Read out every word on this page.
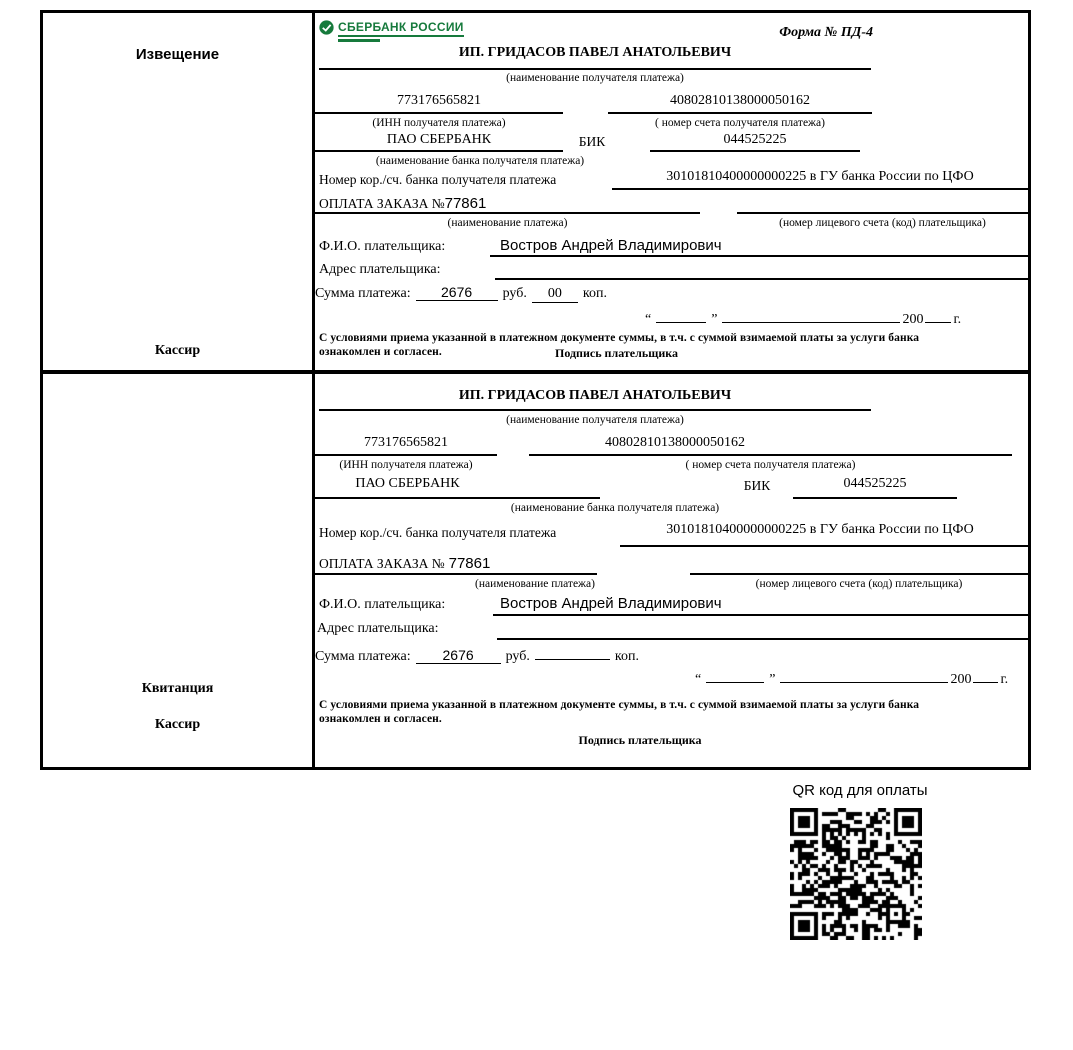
Извещение
Кассир
СБЕРБАНК РОССИИ	Форма № ПД-4
ИП. ГРИДАСОВ ПАВЕЛ АНАТОЛЬЕВИЧ
(наименование получателя платежа)
773176565821	40802810138000050162
(ИНН получателя платежа)	( номер счета получателя платежа)
ПАО СБЕРБАНК	БИК	044525225
(наименование банка получателя платежа)
Номер кор./сч. банка получателя платежа	30101810400000000225 в ГУ банка России по ЦФО
ОПЛАТА ЗАКАЗА №77861
(наименование платежа)	(номер лицевого счета (код) плательщика)
Ф.И.О. плательщика:	Востров Андрей Владимирович
Адрес плательщика:
Сумма платежа: 2676 руб. 00 коп.
“	”	200 г.
С условиями приема указанной в платежном документе суммы, в т.ч. с суммой взимаемой платы за услуги банка
ознакомлен и согласен.	Подпись плательщика
Квитанция
Кассир
ИП. ГРИДАСОВ ПАВЕЛ АНАТОЛЬЕВИЧ
(наименование получателя платежа)
773176565821	40802810138000050162
(ИНН получателя платежа)	( номер счета получателя платежа)
ПАО СБЕРБАНК	БИК	044525225
(наименование банка получателя платежа)
Номер кор./сч. банка получателя платежа	30101810400000000225 в ГУ банка России по ЦФО
ОПЛАТА ЗАКАЗА № 77861
(наименование платежа)	(номер лицевого счета (код) плательщика)
Ф.И.О. плательщика:	Востров Андрей Владимирович
Адрес плательщика:
Сумма платежа: 2676 руб.	коп.
“	”	200 г.
С условиями приема указанной в платежном документе суммы, в т.ч. с суммой взимаемой платы за услуги банка
ознакомлен и согласен.
Подпись плательщика
QR код для оплаты
